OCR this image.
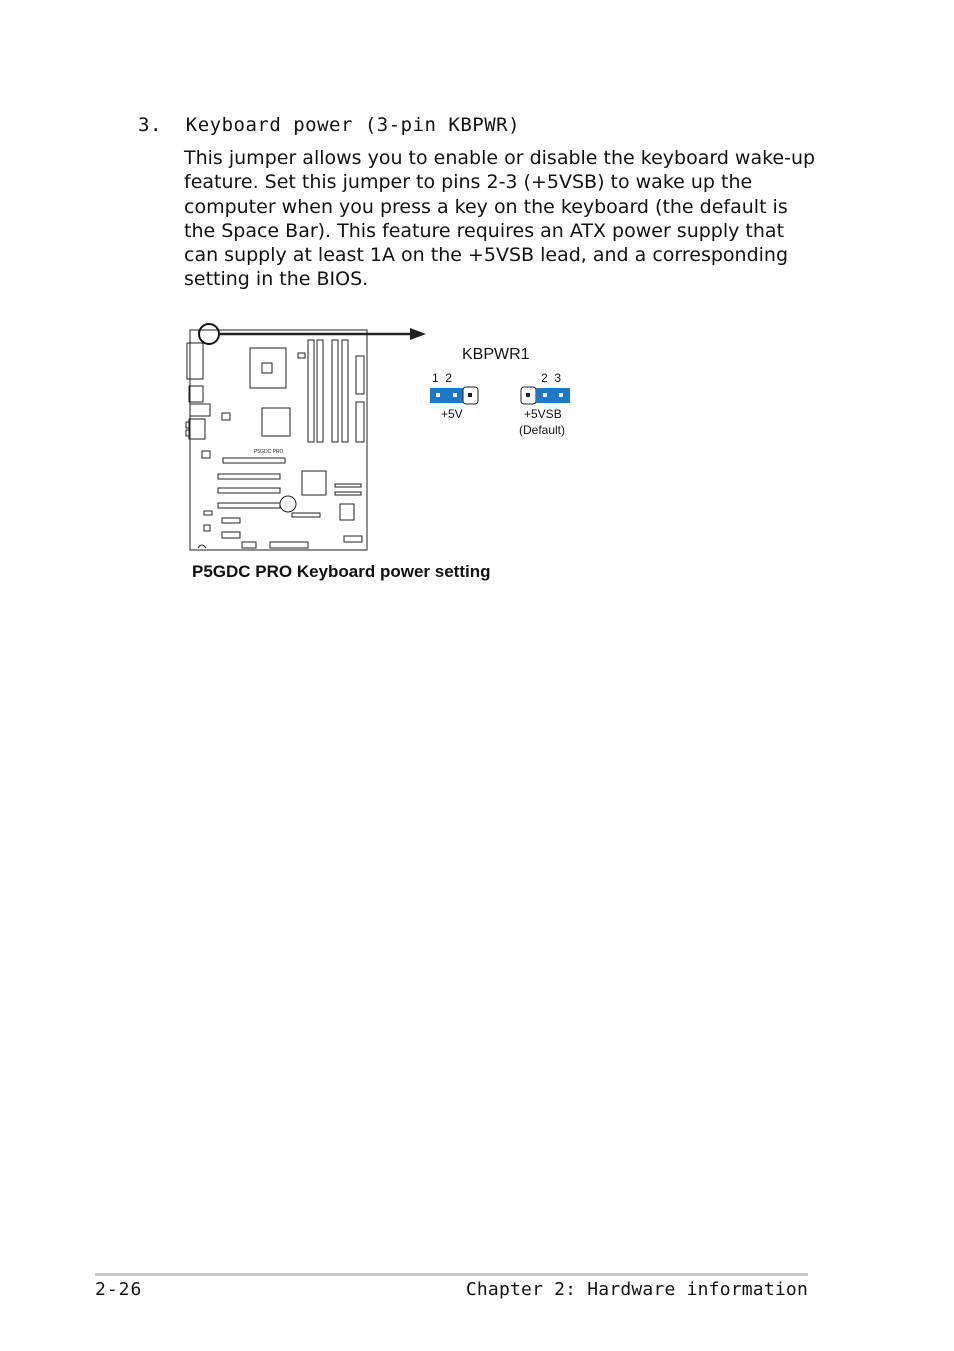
3.  Keyboard power (3-pin KBPWR)

This jumper allows you to enable or disable the keyboard wake-up feature. Set this jumper to pins 2-3 (+5VSB) to wake up the computer when you press a key on the keyboard (the default is the Space Bar). This feature requires an ATX power supply that can supply at least 1A on the +5VSB lead, and a corresponding setting in the BIOS.

P5GDC PRO
KBPWR1
1  2
+5V
2  3
+5VSB
(Default)
P5GDC PRO Keyboard power setting
2-26	Chapter 2: Hardware information
